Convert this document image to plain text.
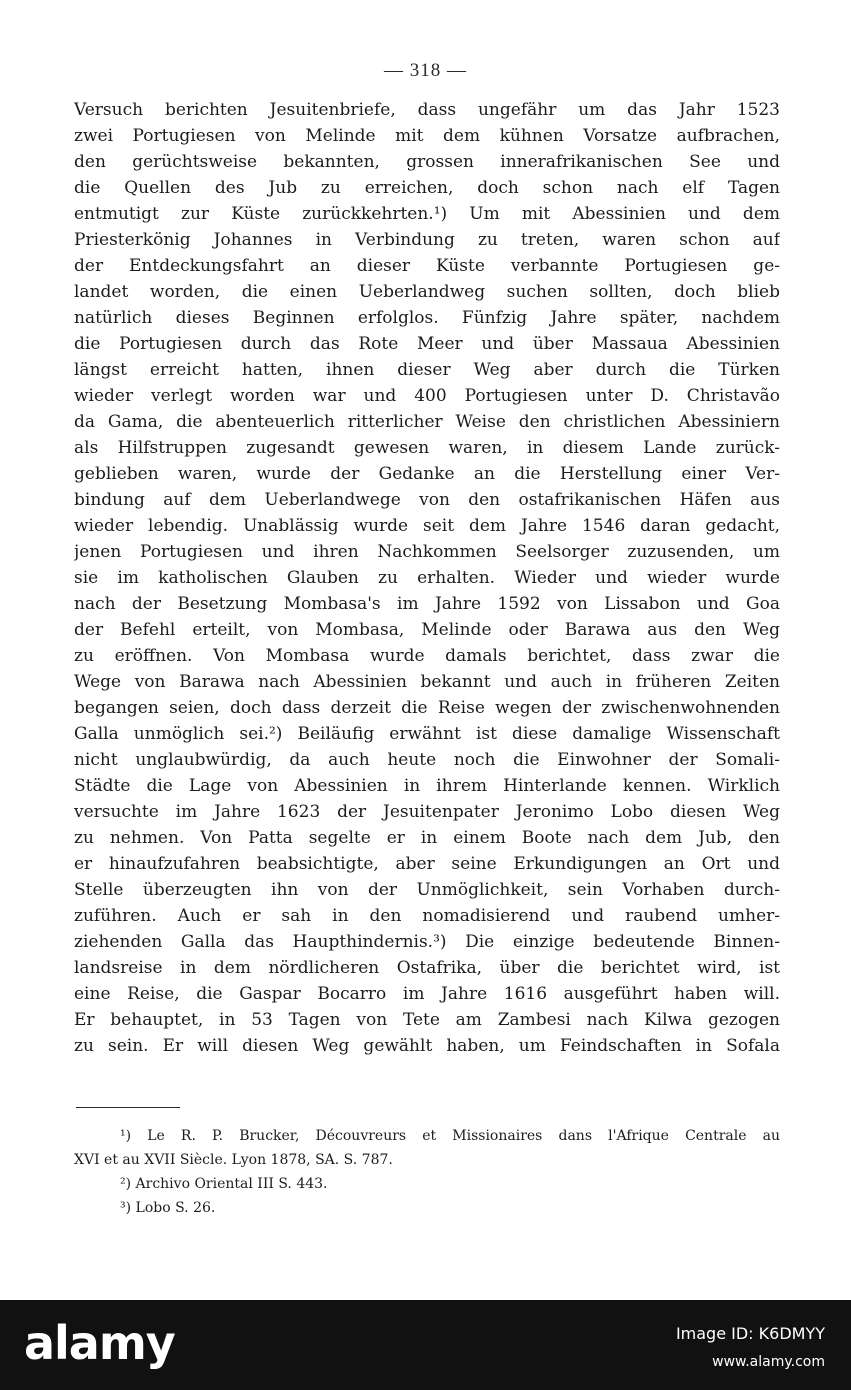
— 318 —
Versuch berichten Jesuitenbriefe, dass ungefähr um das Jahr 1523
zwei Portugiesen von Melinde mit dem kühnen Vorsatze aufbrachen,
den gerüchtsweise bekannten, grossen innerafrikanischen See und
die Quellen des Jub zu erreichen, doch schon nach elf Tagen
entmutigt zur Küste zurückkehrten.¹) Um mit Abessinien und dem
Priesterkönig Johannes in Verbindung zu treten, waren schon auf
der Entdeckungsfahrt an dieser Küste verbannte Portugiesen ge-
landet worden, die einen Ueberlandweg suchen sollten, doch blieb
natürlich dieses Beginnen erfolglos. Fünfzig Jahre später, nachdem
die Portugiesen durch das Rote Meer und über Massaua Abessinien
längst erreicht hatten, ihnen dieser Weg aber durch die Türken
wieder verlegt worden war und 400 Portugiesen unter D. Christavão
da Gama, die abenteuerlich ritterlicher Weise den christlichen Abessiniern
als Hilfstruppen zugesandt gewesen waren, in diesem Lande zurück-
geblieben waren, wurde der Gedanke an die Herstellung einer Ver-
bindung auf dem Ueberlandwege von den ostafrikanischen Häfen aus
wieder lebendig. Unablässig wurde seit dem Jahre 1546 daran gedacht,
jenen Portugiesen und ihren Nachkommen Seelsorger zuzusenden, um
sie im katholischen Glauben zu erhalten. Wieder und wieder wurde
nach der Besetzung Mombasa's im Jahre 1592 von Lissabon und Goa
der Befehl erteilt, von Mombasa, Melinde oder Barawa aus den Weg
zu eröffnen. Von Mombasa wurde damals berichtet, dass zwar die
Wege von Barawa nach Abessinien bekannt und auch in früheren Zeiten
begangen seien, doch dass derzeit die Reise wegen der zwischenwohnenden
Galla unmöglich sei.²) Beiläufig erwähnt ist diese damalige Wissenschaft
nicht unglaubwürdig, da auch heute noch die Einwohner der Somali-
Städte die Lage von Abessinien in ihrem Hinterlande kennen. Wirklich
versuchte im Jahre 1623 der Jesuitenpater Jeronimo Lobo diesen Weg
zu nehmen. Von Patta segelte er in einem Boote nach dem Jub, den
er hinaufzufahren beabsichtigte, aber seine Erkundigungen an Ort und
Stelle überzeugten ihn von der Unmöglichkeit, sein Vorhaben durch-
zuführen. Auch er sah in den nomadisierend und raubend umher-
ziehenden Galla das Haupthindernis.³) Die einzige bedeutende Binnen-
landsreise in dem nördlicheren Ostafrika, über die berichtet wird, ist
eine Reise, die Gaspar Bocarro im Jahre 1616 ausgeführt haben will.
Er behauptet, in 53 Tagen von Tete am Zambesi nach Kilwa gezogen
zu sein. Er will diesen Weg gewählt haben, um Feindschaften in Sofala
¹) Le R. P. Brucker, Découvreurs et Missionaires dans l'Afrique Centrale au
XVI et au XVII Siècle. Lyon 1878, SA. S. 787.
²) Archivo Oriental III S. 443.
³) Lobo S. 26.
alamy	Image ID: K6DMYY
www.alamy.com
